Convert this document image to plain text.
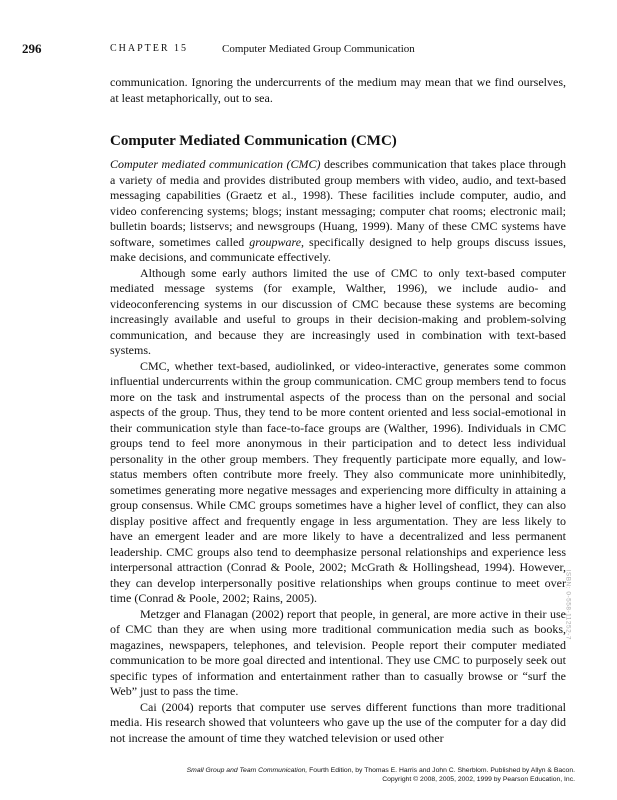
296	CHAPTER 15	Computer Mediated Group Communication

communication. Ignoring the undercurrents of the medium may mean that we find ourselves, at least metaphorically, out to sea.

Computer Mediated Communication (CMC)

Computer mediated communication (CMC) describes communication that takes place through a variety of media and provides distributed group members with video, audio, and text-based messaging capabilities (Graetz et al., 1998). These facilities include computer, audio, and video conferencing systems; blogs; instant messaging; computer chat rooms; electronic mail; bulletin boards; listservs; and newsgroups (Huang, 1999). Many of these CMC systems have software, sometimes called groupware, specifically designed to help groups discuss issues, make decisions, and communicate effectively.

Although some early authors limited the use of CMC to only text-based computer mediated message systems (for example, Walther, 1996), we include audio- and videoconferencing systems in our discussion of CMC because these systems are becoming increasingly available and useful to groups in their decision-making and problem-solving communication, and because they are increasingly used in combination with text-based systems.

CMC, whether text-based, audiolinked, or video-interactive, generates some common influential undercurrents within the group communication. CMC group members tend to focus more on the task and instrumental aspects of the process than on the personal and social aspects of the group. Thus, they tend to be more content oriented and less social-emotional in their communication style than face-to-face groups are (Walther, 1996). Individuals in CMC groups tend to feel more anonymous in their participation and to detect less individual personality in the other group members. They frequently participate more equally, and low-status members often contribute more freely. They also communicate more uninhibitedly, sometimes generating more negative messages and experiencing more difficulty in attaining a group consensus. While CMC groups sometimes have a higher level of conflict, they can also display positive affect and frequently engage in less argumentation. They are less likely to have an emergent leader and are more likely to have a decentralized and less permanent leadership. CMC groups also tend to deemphasize personal relationships and experience less interpersonal attraction (Conrad & Poole, 2002; McGrath & Hollingshead, 1994). However, they can develop interpersonally positive relationships when groups continue to meet over time (Conrad & Poole, 2002; Rains, 2005).

Metzger and Flanagan (2002) report that people, in general, are more active in their use of CMC than they are when using more traditional communication media such as books, magazines, newspapers, telephones, and television. People report their computer mediated communication to be more goal directed and intentional. They use CMC to purposely seek out specific types of information and entertainment rather than to casually browse or “surf the Web” just to pass the time.

Cai (2004) reports that computer use serves different functions than more traditional media. His research showed that volunteers who gave up the use of the computer for a day did not increase the amount of time they watched television or used other

ISBN: 0-558-11252-7
Small Group and Team Communication, Fourth Edition, by Thomas E. Harris and John C. Sherblom. Published by Allyn & Bacon.
Copyright © 2008, 2005, 2002, 1999 by Pearson Education, Inc.
